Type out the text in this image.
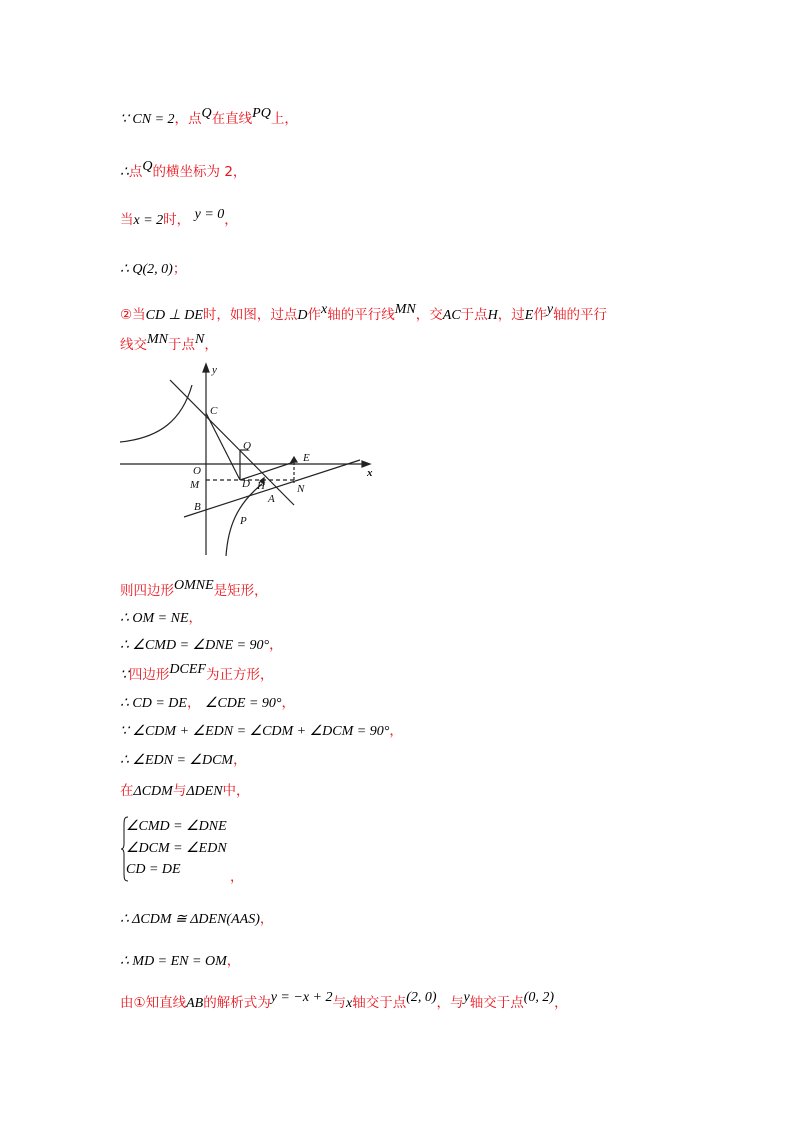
∵ CN = 2，点Q在直线PQ上，
∴点Q的横坐标为 2，
当x = 2时， y = 0，
∴ Q(2, 0)；
②当CD ⊥ DE时，如图，过点D作x轴的平行线MN，交AC于点H，过E作y轴的平行
线交MN于点N，
y
x
C
Q
E
O
M	D H	N
B
A
P
则四边形OMNE是矩形，
∴ OM = NE，
∴ ∠CMD = ∠DNE = 90°，
∵四边形DCEF为正方形，
∴ CD = DE， ∠CDE = 90°，
∵ ∠CDM + ∠EDN = ∠CDM + ∠DCM = 90°，
∴ ∠EDN = ∠DCM，
在ΔCDM与ΔDEN中，
∠CMD = ∠DNE
∠DCM = ∠EDN
CD = DE	，
∴ ΔCDM ≅ ΔDEN(AAS)，
∴ MD = EN = OM，
由①知直线AB的解析式为y = −x + 2与x轴交于点(2, 0)，与y轴交于点(0, 2)，
